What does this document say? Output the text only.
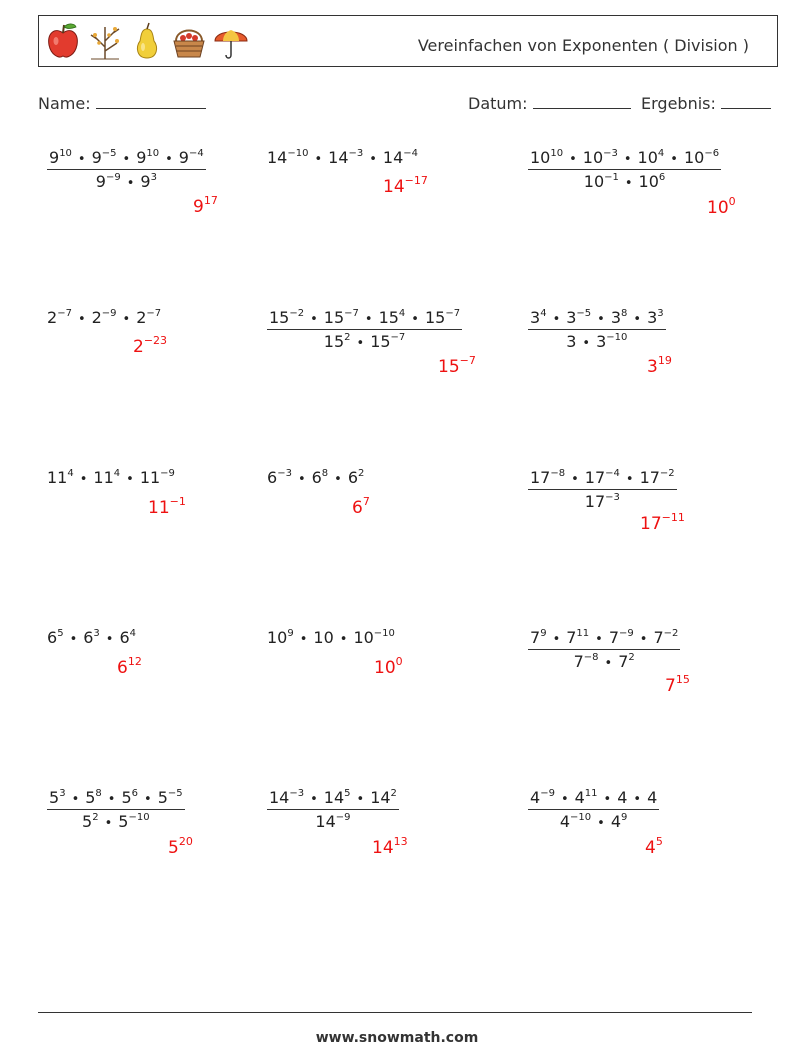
Vereinfachen von Exponenten ( Division )
Name:	Datum:	Ergebnis:
$\frac{9^{10} • 9^{-5} • 9^{10} • 9^{-4}}{9^{-9} • 9^3}$
$9^{17}$
$14^{-10}$ • $14^{-3}$ • $14^{-4}$
$14^{-17}$	$\frac{10^{10} • 10^{-3} • 10^4 • 10^{-6}}{10^{-1} • 10^6}$
$10^0$
$2^{-7}$ • $2^{-9}$ • $2^{-7}$
$2^{-23}$	$\frac{15^{-2} • 15^{-7} • 15^4 • 15^{-7}}{15^2 • 15^{-7}}$
$15^{-7}$
$\frac{3^4 • 3^{-5} • 3^8 • 3^3}{3 • 3^{-10}}$
$3^{19}$
$11^4$ • $11^4$ • $11^{-9}$
$11^{-1}$
$6^{-3}$ • $6^8$ • $6^2$
$6^7$	$\frac{17^{-8} • 17^{-4} • 17^{-2}}{17^{-3}}$
$17^{-11}$
$6^5$ • $6^3$ • $6^4$
$6^{12}$
$10^9$ • 10 • $10^{-10}$
$10^0$	$\frac{7^9 • 7^{11} • 7^{-9} • 7^{-2}}{7^{-8} • 7^2}$
$7^{15}$
$\frac{5^3 • 5^8 • 5^6 • 5^{-5}}{5^2 • 5^{-10}}$
$5^{20}$
$\frac{14^{-3} • 14^5 • 14^2}{14^{-9}}$
$14^{13}$
$\frac{4^{-9} • 4^{11} • 4 • 4}{4^{-10} • 4^9}$
$4^5$
www.snowmath.com
